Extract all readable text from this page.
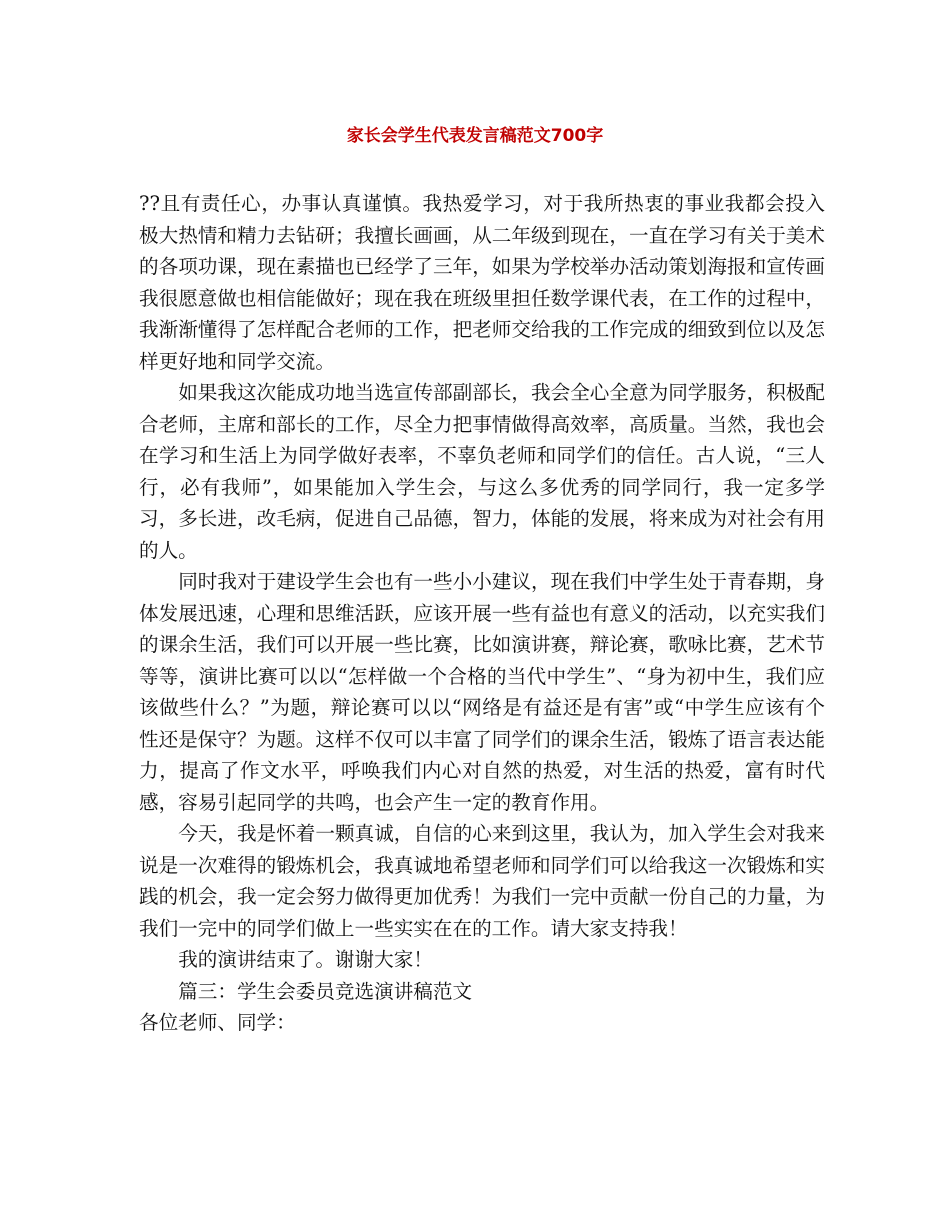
家长会学生代表发言稿范文700字

??且有责任心，办事认真谨慎。我热爱学习，对于我所热衷的事业我都会投入极大热情和精力去钻研；我擅长画画，从二年级到现在，一直在学习有关于美术的各项功课，现在素描也已经学了三年，如果为学校举办活动策划海报和宣传画我很愿意做也相信能做好；现在我在班级里担任数学课代表，在工作的过程中，我渐渐懂得了怎样配合老师的工作，把老师交给我的工作完成的细致到位以及怎样更好地和同学交流。

如果我这次能成功地当选宣传部副部长，我会全心全意为同学服务，积极配合老师，主席和部长的工作，尽全力把事情做得高效率，高质量。当然，我也会在学习和生活上为同学做好表率，不辜负老师和同学们的信任。古人说，“三人行，必有我师”，如果能加入学生会，与这么多优秀的同学同行，我一定多学习，多长进，改毛病，促进自己品德，智力，体能的发展，将来成为对社会有用的人。

同时我对于建设学生会也有一些小小建议，现在我们中学生处于青春期，身体发展迅速，心理和思维活跃，应该开展一些有益也有意义的活动，以充实我们的课余生活，我们可以开展一些比赛，比如演讲赛，辩论赛，歌咏比赛，艺术节等等，演讲比赛可以以“怎样做一个合格的当代中学生”、“身为初中生，我们应该做些什么？”为题，辩论赛可以以“网络是有益还是有害”或“中学生应该有个性还是保守？为题。这样不仅可以丰富了同学们的课余生活，锻炼了语言表达能力，提高了作文水平，呼唤我们内心对自然的热爱，对生活的热爱，富有时代感，容易引起同学的共鸣，也会产生一定的教育作用。

今天，我是怀着一颗真诚，自信的心来到这里，我认为，加入学生会对我来说是一次难得的锻炼机会，我真诚地希望老师和同学们可以给我这一次锻炼和实践的机会，我一定会努力做得更加优秀！为我们一完中贡献一份自己的力量，为我们一完中的同学们做上一些实实在在的工作。请大家支持我！

我的演讲结束了。谢谢大家！

篇三：学生会委员竞选演讲稿范文

各位老师、同学：
